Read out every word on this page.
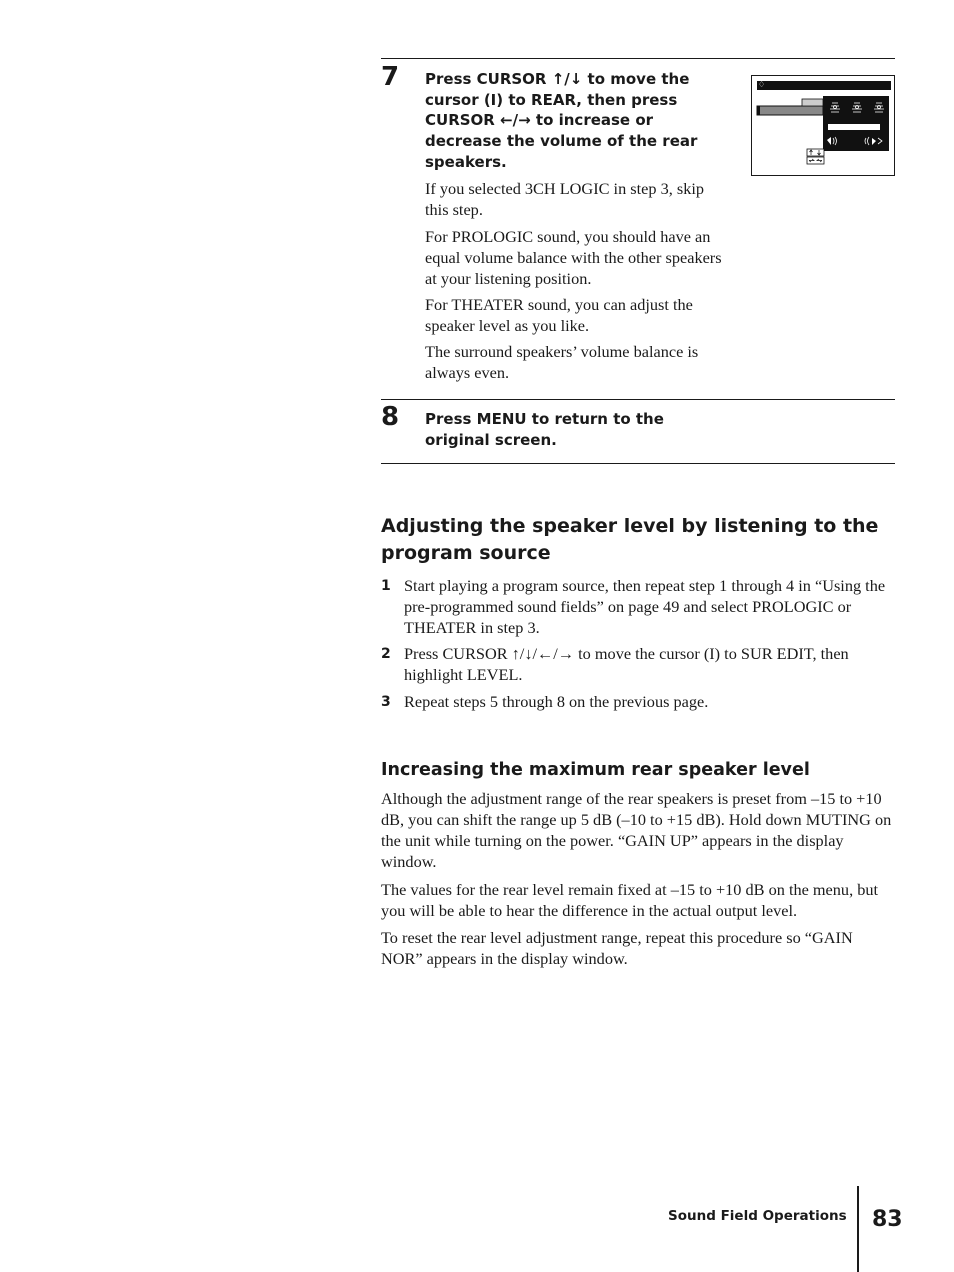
7 Press CURSOR ↑/↓ to move the cursor (I) to REAR, then press CURSOR ←/→ to increase or decrease the volume of the rear speakers.

If you selected 3CH LOGIC in step 3, skip this step.

For PROLOGIC sound, you should have an equal volume balance with the other speakers at your listening position.

For THEATER sound, you can adjust the speaker level as you like.

The surround speakers’ volume balance is always even.

♢
8 Press MENU to return to the original screen.
Adjusting the speaker level by listening to the program source
1 Start playing a program source, then repeat step 1 through 4 in “Using the pre-programmed sound fields” on page 49 and select PROLOGIC or THEATER in step 3.
2 Press CURSOR ↑/↓/←/→ to move the cursor (I) to SUR EDIT, then highlight LEVEL.
3 Repeat steps 5 through 8 on the previous page.
Increasing the maximum rear speaker level

Although the adjustment range of the rear speakers is preset from –15 to +10 dB, you can shift the range up 5 dB (–10 to +15 dB). Hold down MUTING on the unit while turning on the power. “GAIN UP” appears in the display window.

The values for the rear level remain fixed at –15 to +10 dB on the menu, but you will be able to hear the difference in the actual output level.

To reset the rear level adjustment range, repeat this procedure so “GAIN NOR” appears in the display window.

Sound Field Operations 83
